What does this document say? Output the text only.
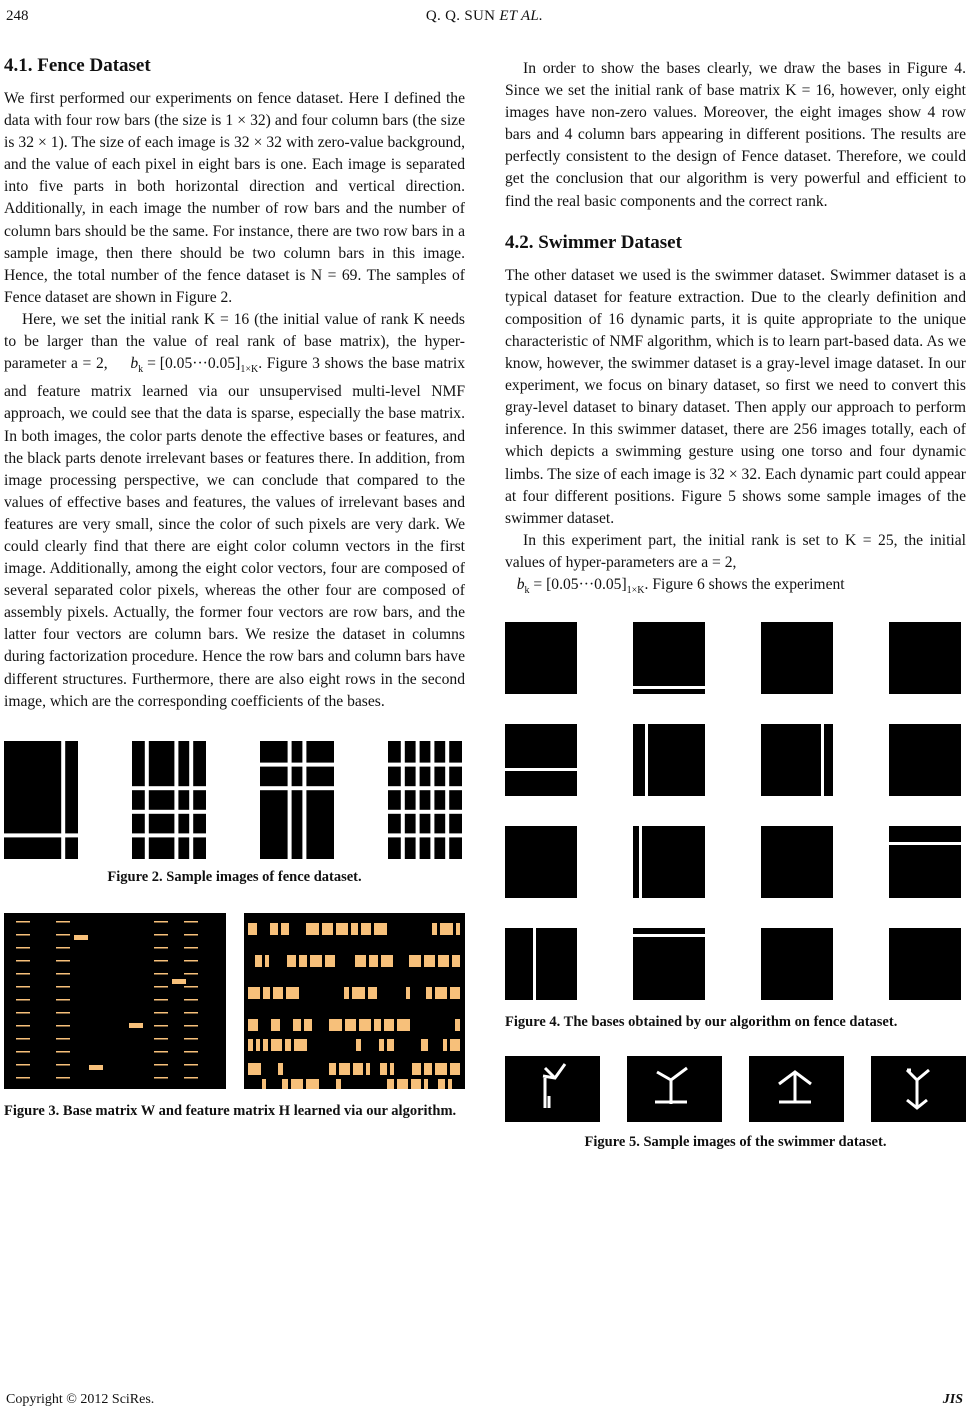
248	Q. Q. SUN ET AL.
4.1. Fence Dataset

We first performed our experiments on fence dataset. Here I defined the data with four row bars (the size is 1 × 32) and four column bars (the size is 32 × 1). The size of each image is 32 × 32 with zero-value background, and the value of each pixel in eight bars is one. Each image is separated into five parts in both horizontal direction and vertical direction. Additionally, in each image the number of row bars and the number of column bars should be the same. For instance, there are two row bars in a sample image, then there should be two column bars in this image. Hence, the total number of the fence dataset is N = 69. The samples of Fence dataset are shown in Figure 2.

Here, we set the initial rank K = 16 (the initial value of rank K needs to be larger than the value of real rank of base matrix), the hyper-parameter a = 2, $b_k = [0.05\cdot\cdot\cdot 0.05]_{1\times K}$. Figure 3 shows the base matrix and feature matrix learned via our unsupervised multi-level NMF approach, we could see that the data is sparse, especially the base matrix. In both images, the color parts denote the effective bases or features, and the black parts denote irrelevant bases or features there. In addition, from image processing perspective, we can conclude that compared to the values of effective bases and features, the values of irrelevant bases and features are very small, since the color of such pixels are very dark. We could clearly find that there are eight color column vectors in the first image. Additionally, among the eight color vectors, four are composed of several separated color pixels, whereas the other four are composed of assembly pixels. Actually, the former four vectors are row bars, and the latter four vectors are column bars. We resize the dataset in columns during factorization procedure. Hence the row bars and column bars have different structures. Furthermore, there are also eight rows in the second image, which are the corresponding coefficients of the bases.

Figure 2. Sample images of fence dataset.
Figure 3. Base matrix W and feature matrix H learned via our algorithm.

In order to show the bases clearly, we draw the bases in Figure 4. Since we set the initial rank of base matrix K = 16, however, only eight images have non-zero values. Moreover, the eight images show 4 row bars and 4 column bars appearing in different positions. The results are perfectly consistent to the design of Fence dataset. Therefore, we could get the conclusion that our algorithm is very powerful and efficient to find the real basic components and the correct rank.

4.2. Swimmer Dataset

The other dataset we used is the swimmer dataset. Swimmer dataset is a typical dataset for feature extraction. Due to the clearly definition and composition of 16 dynamic parts, it is quite appropriate to the unique characteristic of NMF algorithm, which is to learn part-based data. As we know, however, the swimmer dataset is a gray-level image dataset. In our experiment, we focus on binary dataset, so first we need to convert this gray-level dataset to binary dataset. Then apply our approach to perform inference. In this swimmer dataset, there are 256 images totally, each of which depicts a swimming gesture using one torso and four dynamic limbs. The size of each image is 32 × 32. Each dynamic part could appear at four different positions. Figure 5 shows some sample images of the swimmer dataset.

In this experiment part, the initial rank is set to K = 25, the initial values of hyper-parameters are a = 2,

$b_k = [0.05\cdot\cdot\cdot 0.05]_{1\times K}$. Figure 6 shows the experiment

Figure 4. The bases obtained by our algorithm on fence dataset.
Figure 5. Sample images of the swimmer dataset.
Copyright © 2012 SciRes.	JIS
